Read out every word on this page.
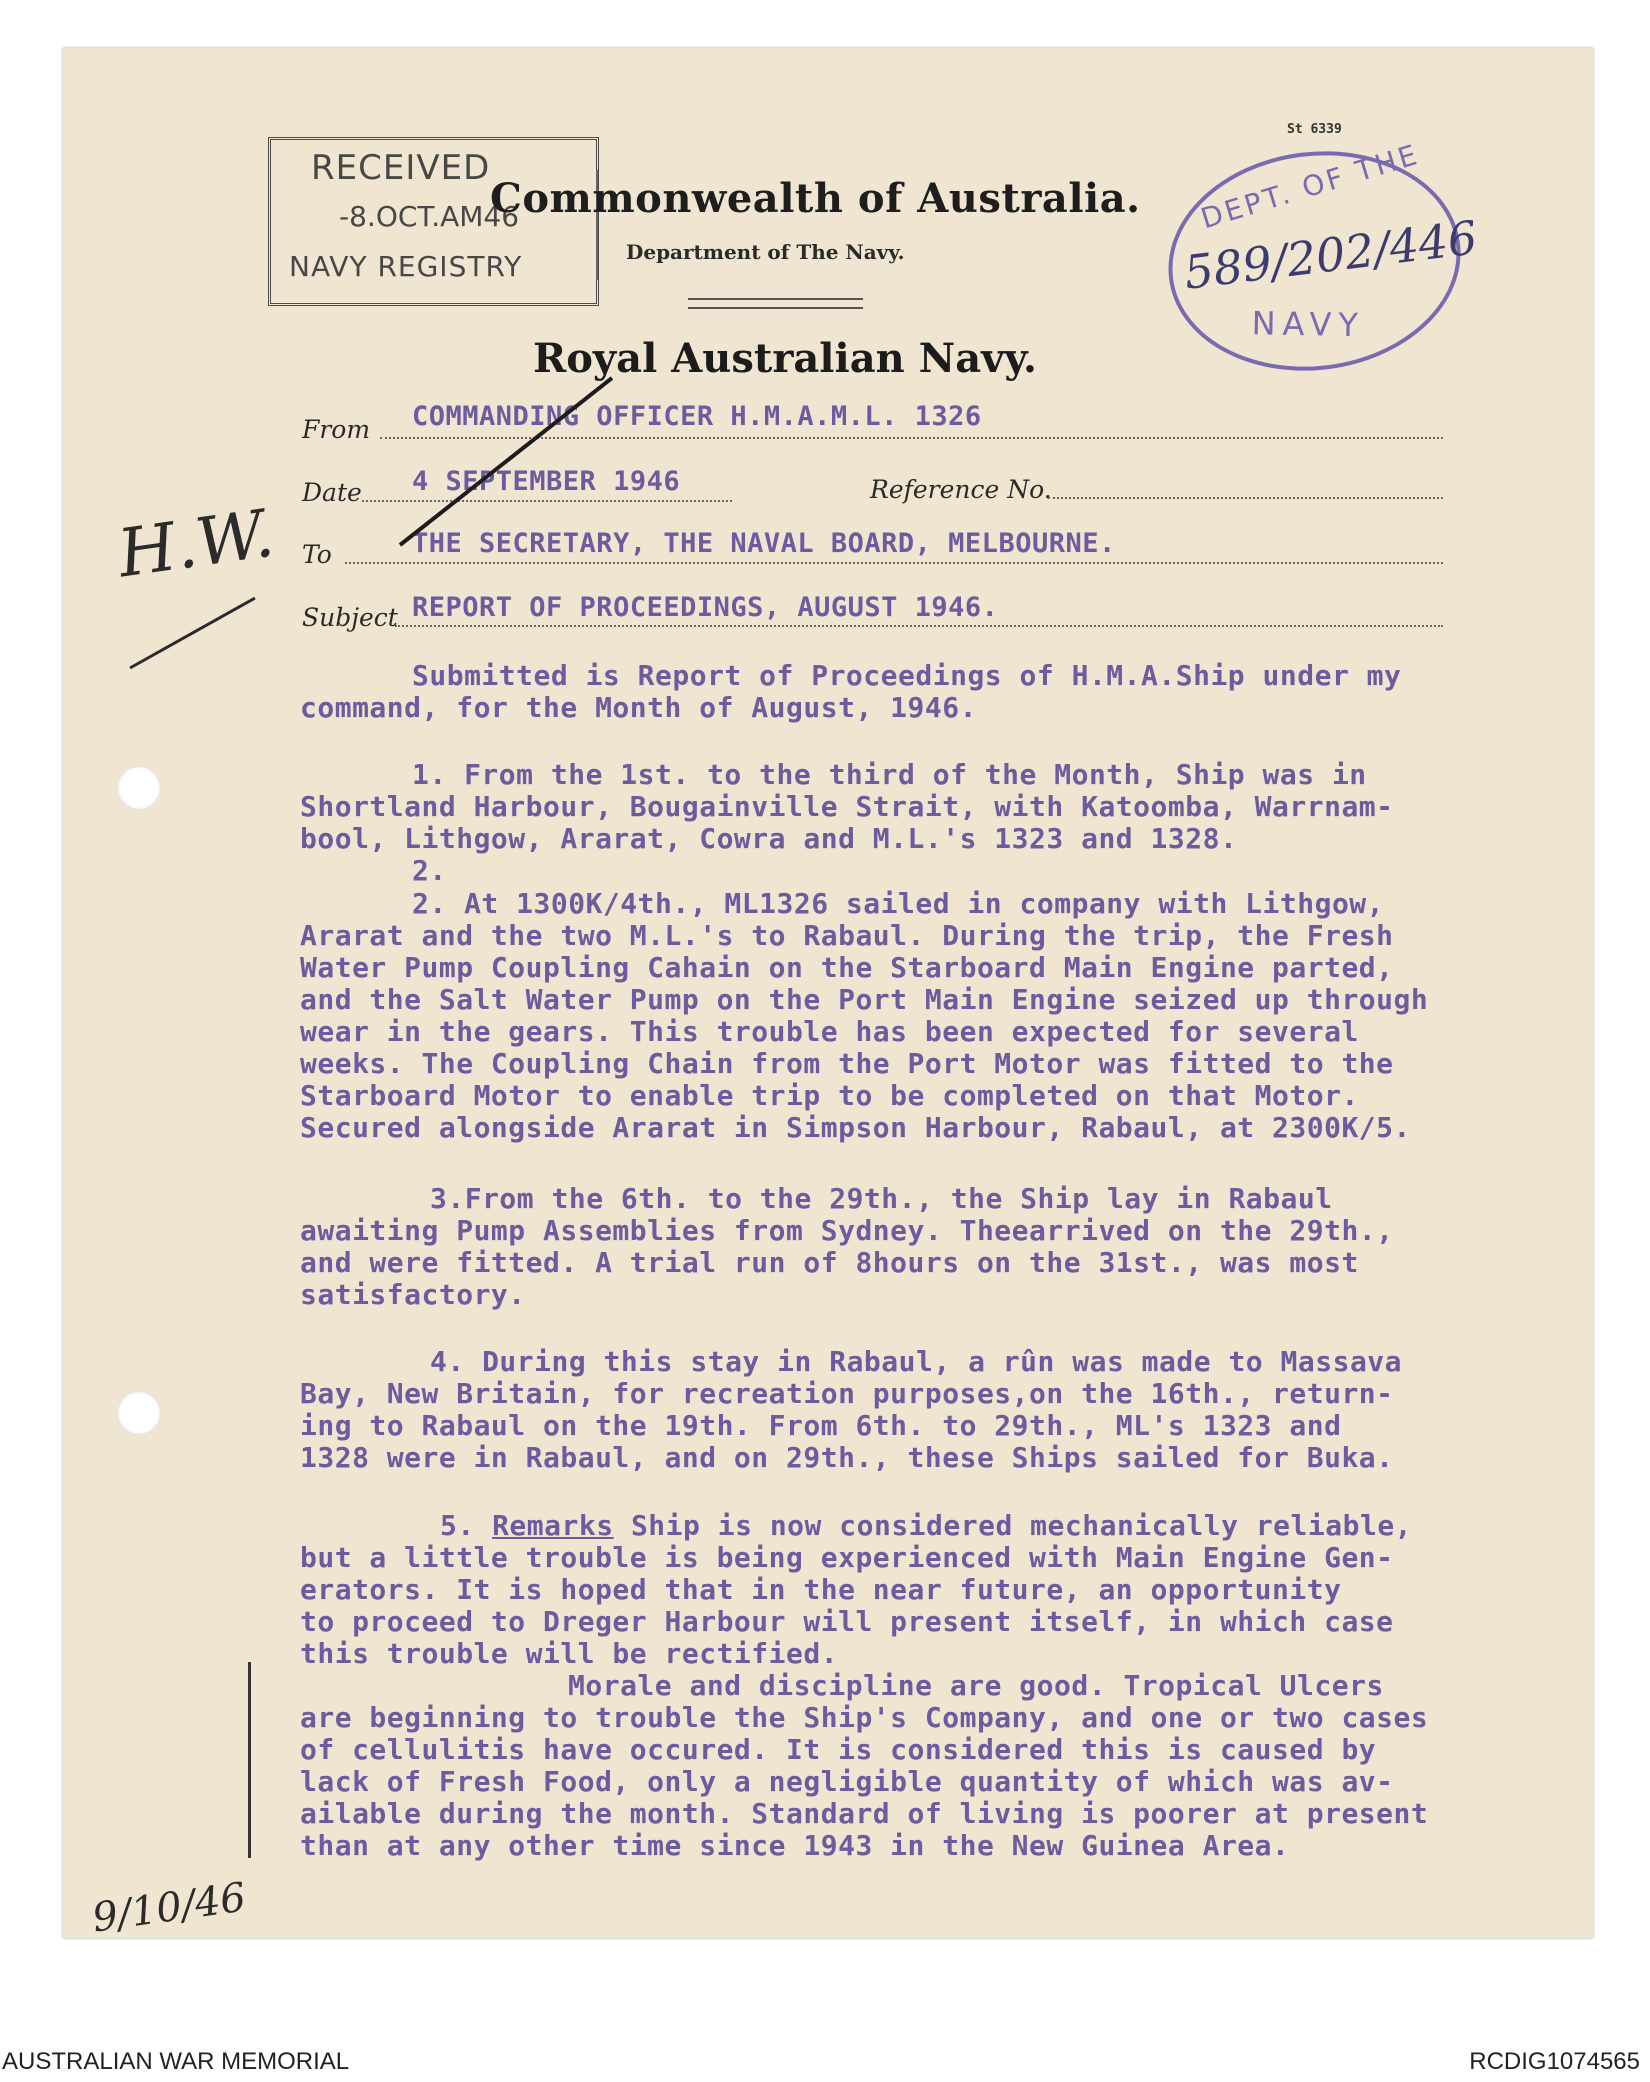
St 6339
RECEIVED
-8.OCT.AM46
NAVY REGISTRY
Commonwealth of Australia.
Department of The Navy.
DEPT. OF THE
589/202/446
NAVY
Royal Australian Navy.
From COMMANDING OFFICER H.M.A.M.L. 1326
Date 4 SEPTEMBER 1946	Reference No.
To	THE SECRETARY, THE NAVAL BOARD, MELBOURNE.
Subject REPORT OF PROCEEDINGS, AUGUST 1946.
Submitted is Report of Proceedings of H.M.A.Ship under my
command, for the Month of August, 1946.
1. From the 1st. to the third of the Month, Ship was in
Shortland Harbour, Bougainville Strait, with Katoomba, Warrnam-
bool, Lithgow, Ararat, Cowra and M.L.'s 1323 and 1328.
2.
2. At 1300K/4th., ML1326 sailed in company with Lithgow,
Ararat and the two M.L.'s to Rabaul. During the trip, the Fresh
Water Pump Coupling Cahain on the Starboard Main Engine parted,
and the Salt Water Pump on the Port Main Engine seized up through
wear in the gears. This trouble has been expected for several
weeks. The Coupling Chain from the Port Motor was fitted to the
Starboard Motor to enable trip to be completed on that Motor.
Secured alongside Ararat in Simpson Harbour, Rabaul, at 2300K/5.
3.From the 6th. to the 29th., the Ship lay in Rabaul
awaiting Pump Assemblies from Sydney. Theearrived on the 29th.,
and were fitted. A trial run of 8hours on the 31st., was most
satisfactory.
4. During this stay in Rabaul, a rûn was made to Massava
Bay, New Britain, for recreation purposes,on the 16th., return-
ing to Rabaul on the 19th. From 6th. to 29th., ML's 1323 and
1328 were in Rabaul, and on 29th., these Ships sailed for Buka.
5. Remarks Ship is now considered mechanically reliable,
but a little trouble is being experienced with Main Engine Gen-
erators. It is hoped that in the near future, an opportunity
to proceed to Dreger Harbour will present itself, in which case
this trouble will be rectified.
Morale and discipline are good. Tropical Ulcers
are beginning to trouble the Ship's Company, and one or two cases
of cellulitis have occured. It is considered this is caused by
lack of Fresh Food, only a negligible quantity of which was av-
ailable during the month. Standard of living is poorer at present
than at any other time since 1943 in the New Guinea Area.
H.W.
9/10/46
AUSTRALIAN WAR MEMORIAL	RCDIG1074565
